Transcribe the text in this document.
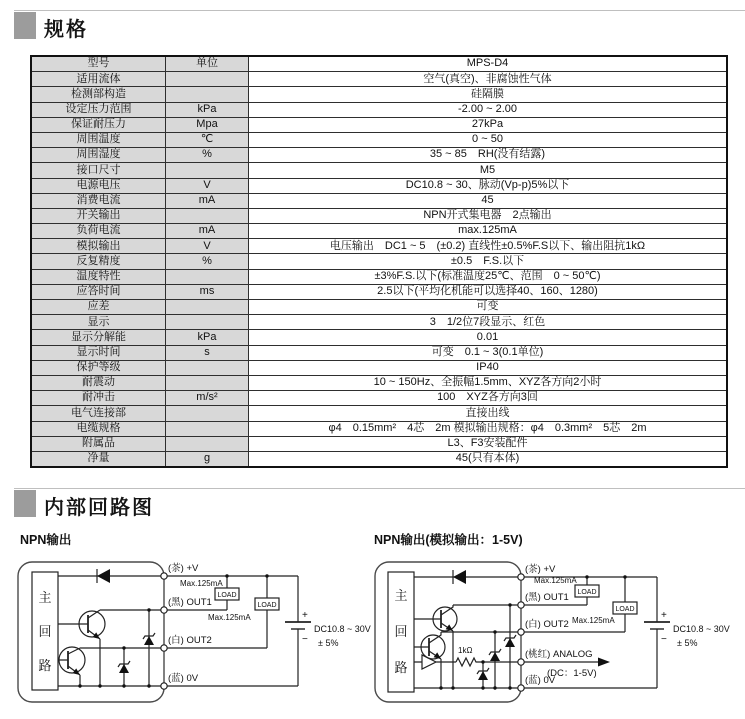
规格
型号	单位	MPS-D4
适用流体		空气(真空)、非腐蚀性气体
检测部构造		硅隔膜
设定压力范围	kPa	-2.00 ~ 2.00
保证耐压力	Mpa	27kPa
周围温度	℃	0 ~ 50
周围湿度	%	35 ~ 85　RH(没有结露)
接口尺寸		M5
电源电压	V	DC10.8 ~ 30、脉动(Vp-p)5%以下
消费电流	mA	45
开关输出		NPN开式集电器　2点输出
负荷电流	mA	max.125mA
模拟输出	V	电压输出　DC1 ~ 5　(±0.2) 直线性±0.5%F.S以下、输出阻抗1kΩ
反复精度	%	±0.5　F.S.以下
温度特性		±3%F.S.以下(标准温度25℃、范围　0 ~ 50℃)
应答时间	ms	2.5以下(平均化机能可以选择40、160、1280)
应差		可变
显示		3　1/2位7段显示、红色
显示分解能	kPa	0.01
显示时间	s	可变　0.1 ~ 3(0.1单位)
保护等级		IP40
耐震动		10 ~ 150Hz、全振幅1.5mm、XYZ各方向2小时
耐冲击	m/s²	100　XYZ各方向3回
电气连接部		直接出线
电缆规格		φ4　0.15mm²　4芯　2m 模拟输出规格：φ4　0.3mm²　5芯　2m
附属品		L3、F3安装配件
净量	g	45(只有本体)
内部回路图
NPN输出	NPN输出(模拟输出：1-5V)
主
回
路
(茶) +V
(黑) OUT1
(白) OUT2
(蓝) 0V
Max.125mA
Max.125mA
LOAD
LOAD
+
−
DC10.8 ~ 30V
± 5%
主
回
路
(茶) +V
(黑) OUT1
(白) OUT2
(桃红) ANALOG
(蓝) 0V
Max.125mA
Max.125mA
LOAD
LOAD
1kΩ
(DC：1-5V)
+
−
DC10.8 ~ 30V
± 5%
